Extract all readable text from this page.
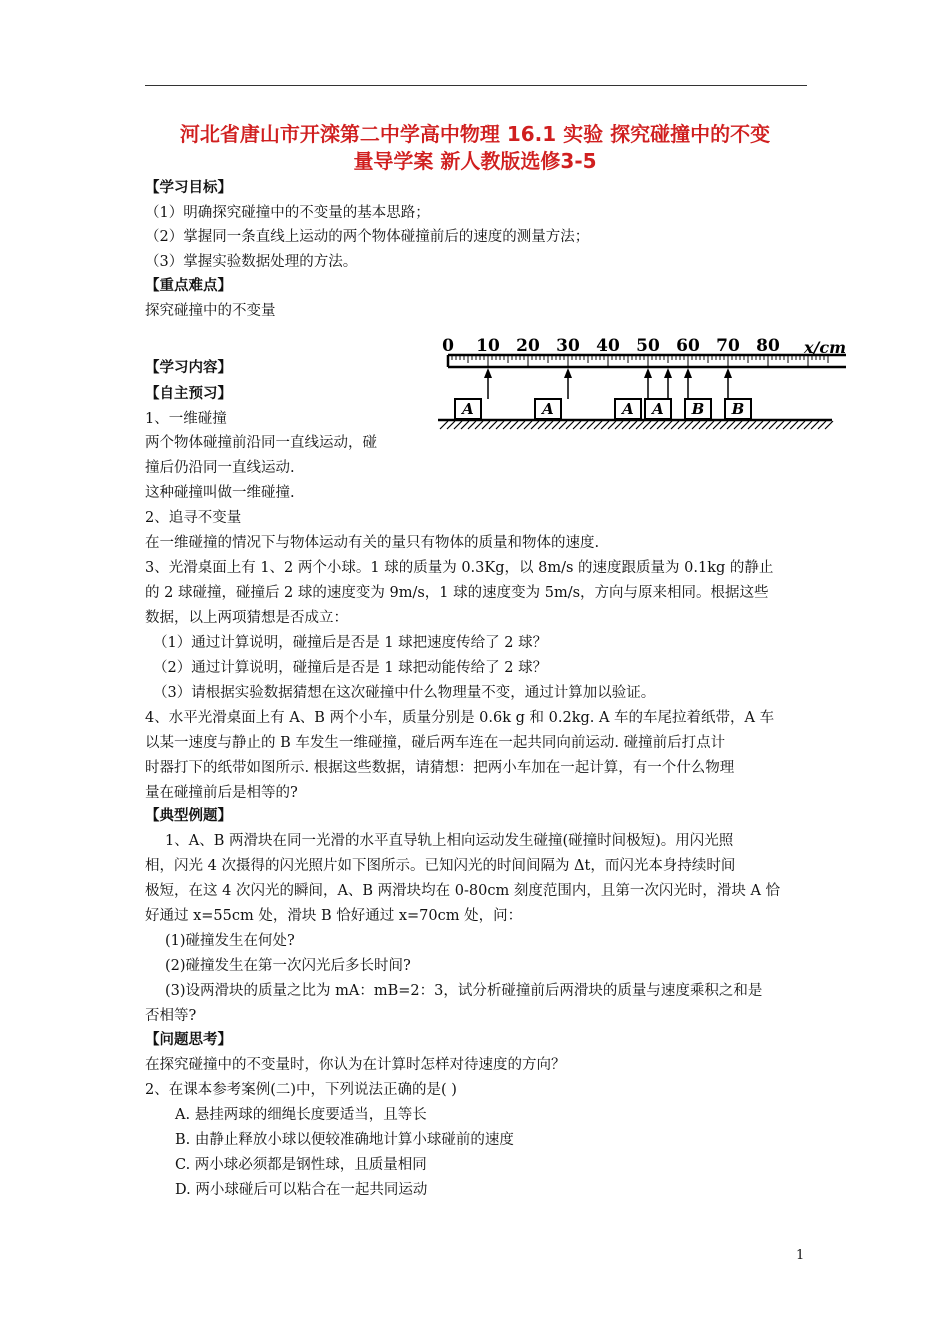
河北省唐山市开滦第二中学高中物理 16.1 实验 探究碰撞中的不变
量导学案 新人教版选修3-5
【学习目标】
（1）明确探究碰撞中的不变量的基本思路；
（2）掌握同一条直线上运动的两个物体碰撞前后的速度的测量方法；
（3）掌握实验数据处理的方法。
【重点难点】
探究碰撞中的不变量
【学习内容】
【自主预习】
1、一维碰撞
两个物体碰撞前沿同一直线运动，碰
撞后仍沿同一直线运动.
这种碰撞叫做一维碰撞.
2、追寻不变量
在一维碰撞的情况下与物体运动有关的量只有物体的质量和物体的速度.
3、光滑桌面上有 1、2 两个小球。1 球的质量为 0.3Kg，以 8m/s 的速度跟质量为 0.1kg 的静止
的 2 球碰撞，碰撞后 2 球的速度变为 9m/s，1 球的速度变为 5m/s，方向与原来相同。根据这些
数据，以上两项猜想是否成立：
（1）通过计算说明，碰撞后是否是 1 球把速度传给了 2 球？
（2）通过计算说明，碰撞后是否是 1 球把动能传给了 2 球？
（3）请根据实验数据猜想在这次碰撞中什么物理量不变，通过计算加以验证。
4、水平光滑桌面上有 A、B 两个小车，质量分别是 0.6k g 和 0.2kg. A 车的车尾拉着纸带，A 车
以某一速度与静止的 B 车发生一维碰撞，碰后两车连在一起共同向前运动. 碰撞前后打点计
时器打下的纸带如图所示. 根据这些数据，请猜想：把两小车加在一起计算，有一个什么物理
量在碰撞前后是相等的?
【典型例题】
1、A、B 两滑块在同一光滑的水平直导轨上相向运动发生碰撞(碰撞时间极短)。用闪光照
相，闪光 4 次摄得的闪光照片如下图所示。已知闪光的时间间隔为 Δt，而闪光本身持续时间
极短，在这 4 次闪光的瞬间，A、B 两滑块均在 0-80cm 刻度范围内，且第一次闪光时，滑块 A 恰
好通过 x=55cm 处，滑块 B 恰好通过 x=70cm 处，问：
(1)碰撞发生在何处?
(2)碰撞发生在第一次闪光后多长时间?
(3)设两滑块的质量之比为 mA：mB=2：3，试分析碰撞前后两滑块的质量与速度乘积之和是
否相等?
【问题思考】
在探究碰撞中的不变量时，你认为在计算时怎样对待速度的方向？
2、在课本参考案例(二)中，下列说法正确的是( )
A. 悬挂两球的细绳长度要适当，且等长
B. 由静止释放小球以便较准确地计算小球碰前的速度
C. 两小球必须都是钢性球，且质量相同
D. 两小球碰后可以粘合在一起共同运动
0 10 20 30 40 50 60 70 80 x/cm
A	A	A A B B
1
